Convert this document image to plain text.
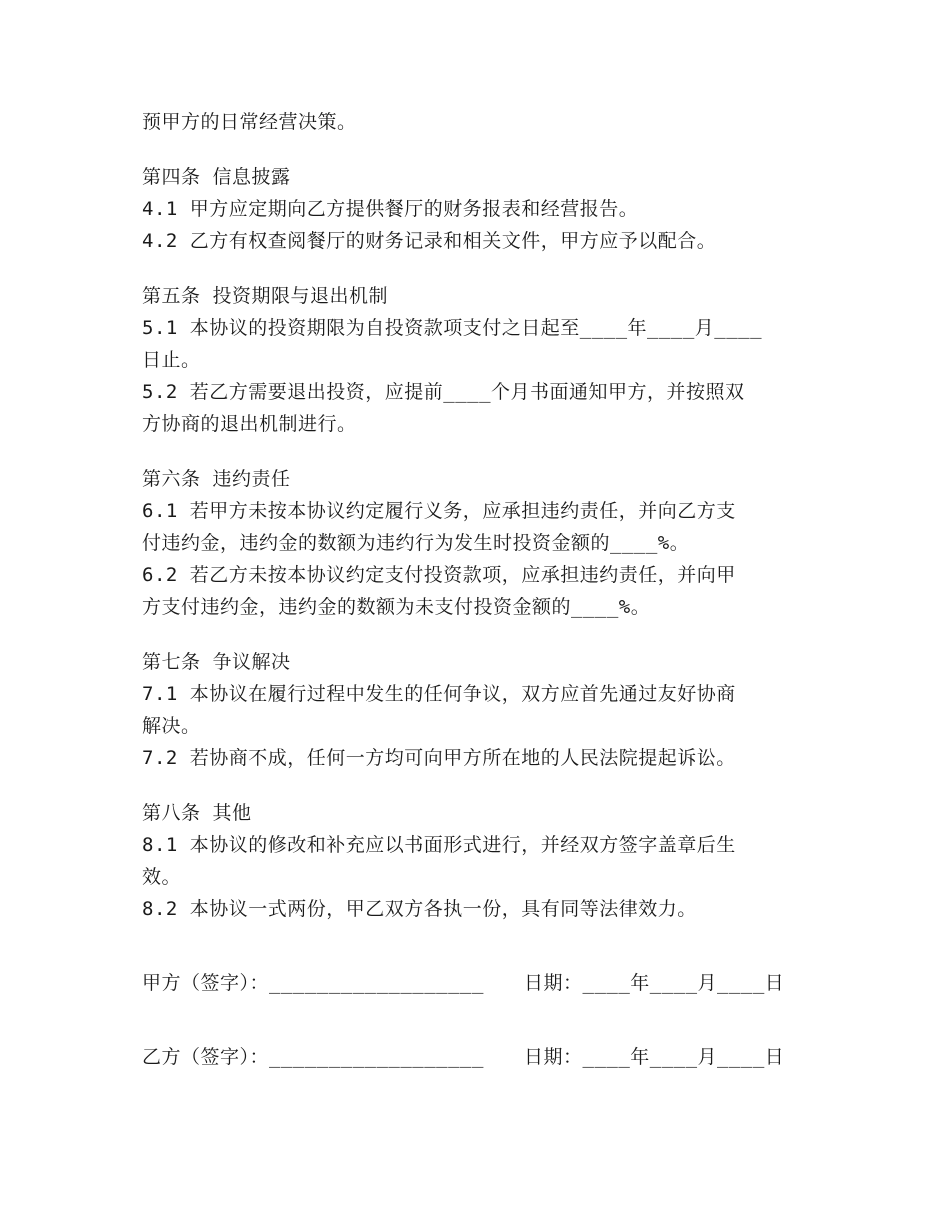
预甲方的日常经营决策。
第四条 信息披露
4.1 甲方应定期向乙方提供餐厅的财务报表和经营报告。
4.2 乙方有权查阅餐厅的财务记录和相关文件，甲方应予以配合。
第五条 投资期限与退出机制
5.1 本协议的投资期限为自投资款项支付之日起至____年____月____
日止。
5.2 若乙方需要退出投资，应提前____个月书面通知甲方，并按照双
方协商的退出机制进行。
第六条 违约责任
6.1 若甲方未按本协议约定履行义务，应承担违约责任，并向乙方支
付违约金，违约金的数额为违约行为发生时投资金额的____%。
6.2 若乙方未按本协议约定支付投资款项，应承担违约责任，并向甲
方支付违约金，违约金的数额为未支付投资金额的____%。
第七条 争议解决
7.1 本协议在履行过程中发生的任何争议，双方应首先通过友好协商
解决。
7.2 若协商不成，任何一方均可向甲方所在地的人民法院提起诉讼。
第八条 其他
8.1 本协议的修改和补充应以书面形式进行，并经双方签字盖章后生
效。
8.2 本协议一式两份，甲乙双方各执一份，具有同等法律效力。

甲方（签字）：__________________

日期：____年____月____日

乙方（签字）：__________________

日期：____年____月____日
